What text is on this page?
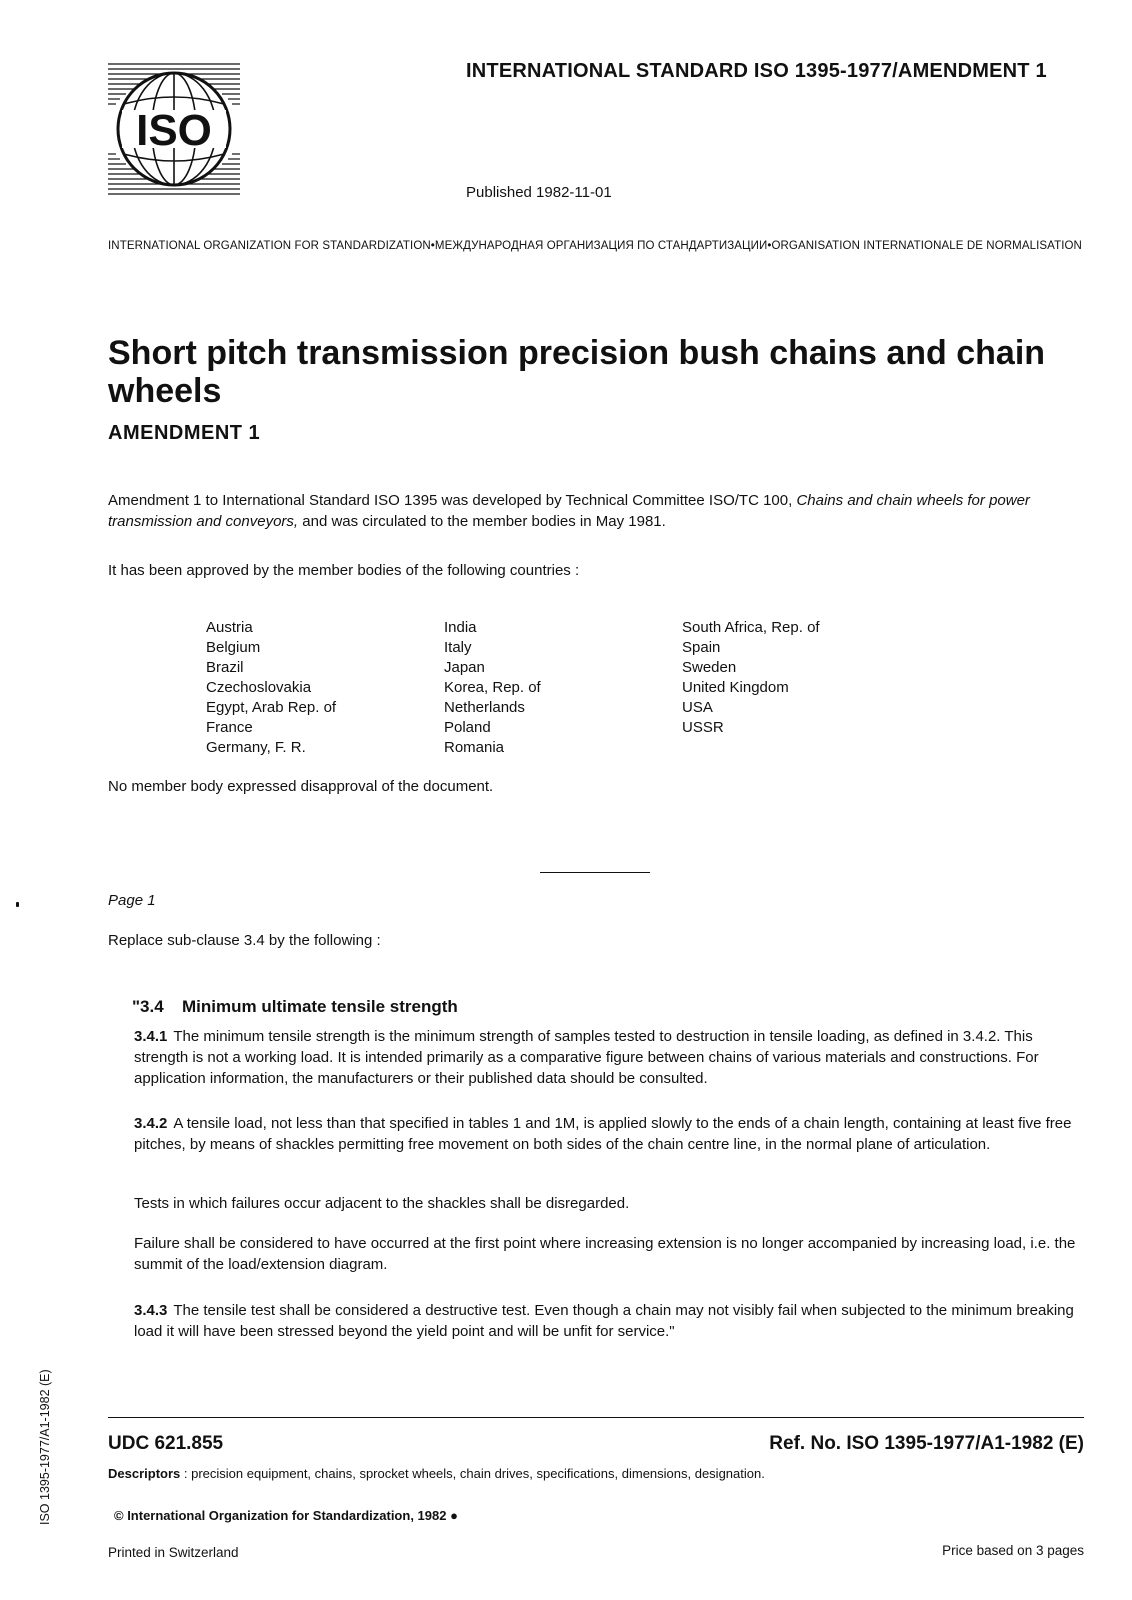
ISO
INTERNATIONAL STANDARD ISO 1395-1977/AMENDMENT 1
Published 1982-11-01
INTERNATIONAL ORGANIZATION FOR STANDARDIZATION•МЕЖДУНАРОДНАЯ ОРГАНИЗАЦИЯ ПО СТАНДАРТИЗАЦИИ•ORGANISATION INTERNATIONALE DE NORMALISATION
Short pitch transmission precision bush chains and chain wheels
AMENDMENT 1
Amendment 1 to International Standard ISO 1395 was developed by Technical Committee ISO/TC 100, Chains and chain wheels for power transmission and conveyors, and was circulated to the member bodies in May 1981.
It has been approved by the member bodies of the following countries :
Austria
Belgium
Brazil
Czechoslovakia
Egypt, Arab Rep. of
France
Germany, F. R.
India
Italy
Japan
Korea, Rep. of
Netherlands
Poland
Romania
South Africa, Rep. of
Spain
Sweden
United Kingdom
USA
USSR
No member body expressed disapproval of the document.
Page 1
Replace sub-clause 3.4 by the following :
"3.4 Minimum ultimate tensile strength
3.4.1 The minimum tensile strength is the minimum strength of samples tested to destruction in tensile loading, as defined in 3.4.2. This strength is not a working load. It is intended primarily as a comparative figure between chains of various materials and constructions. For application information, the manufacturers or their published data should be consulted.
3.4.2 A tensile load, not less than that specified in tables 1 and 1M, is applied slowly to the ends of a chain length, containing at least five free pitches, by means of shackles permitting free movement on both sides of the chain centre line, in the normal plane of articulation.
Tests in which failures occur adjacent to the shackles shall be disregarded.
Failure shall be considered to have occurred at the first point where increasing extension is no longer accompanied by increasing load, i.e. the summit of the load/extension diagram.
3.4.3 The tensile test shall be considered a destructive test. Even though a chain may not visibly fail when subjected to the minimum breaking load it will have been stressed beyond the yield point and will be unfit for service."
UDC 621.855	Ref. No. ISO 1395-1977/A1-1982 (E)
Descriptors : precision equipment, chains, sprocket wheels, chain drives, specifications, dimensions, designation.
© International Organization for Standardization, 1982 ●
Printed in Switzerland	Price based on 3 pages
ISO 1395-1977/A1-1982 (E)
